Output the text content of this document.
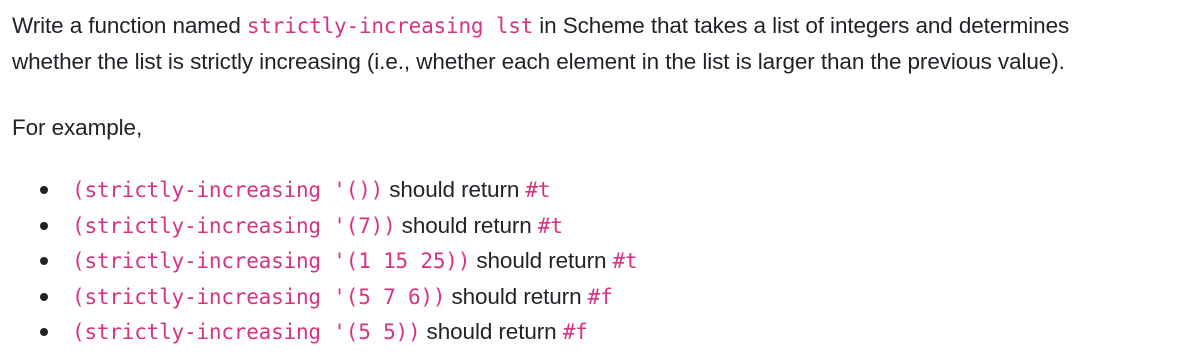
Write a function named strictly-increasing lst in Scheme that takes a list of integers and determines
whether the list is strictly increasing (i.e., whether each element in the list is larger than the previous value).

For example,

(strictly-increasing '()) should return #t
(strictly-increasing '(7)) should return #t
(strictly-increasing '(1 15 25)) should return #t
(strictly-increasing '(5 7 6)) should return #f
(strictly-increasing '(5 5)) should return #f
